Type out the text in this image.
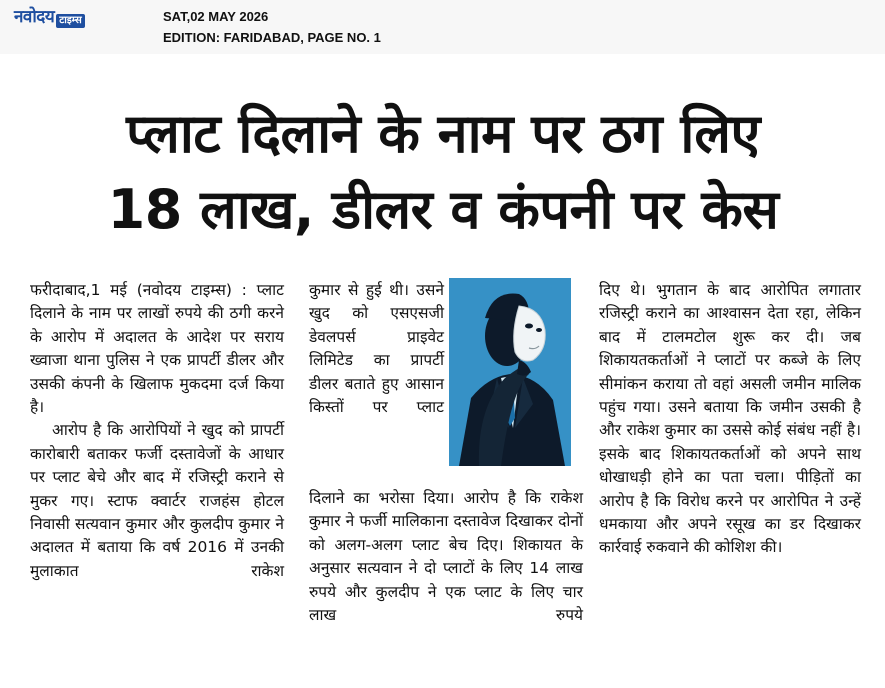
नवोदय टाइम्स	SAT,02 MAY 2026
EDITION: FARIDABAD, PAGE NO. 1
प्लाट दिलाने के नाम पर ठग लिए
18 लाख, डीलर व कंपनी पर केस
फरीदाबाद,1 मई (नवोदय टाइम्स) : प्लाट दिलाने के नाम पर लाखों रुपये की ठगी करने के आरोप में अदालत के आदेश पर सराय ख्वाजा थाना पुलिस ने एक प्रापर्टी डीलर और उसकी कंपनी के खिलाफ मुकदमा दर्ज किया है।
आरोप है कि आरोपियों ने खुद को प्रापर्टी कारोबारी बताकर फर्जी दस्तावेजों के आधार पर प्लाट बेचे और बाद में रजिस्ट्री कराने से मुकर गए। स्टाफ क्वार्टर राजहंस होटल निवासी सत्यवान कुमार और कुलदीप कुमार ने अदालत में बताया कि वर्ष 2016 में उनकी मुलाकात राकेश
कुमार से हुई थी। उसने खुद को एसएसजी डेवलपर्स प्राइवेट लिमिटेड का प्रापर्टी डीलर बताते हुए आसान किस्तों पर प्लाट
दिलाने का भरोसा दिया। आरोप है कि राकेश कुमार ने फर्जी मालिकाना दस्तावेज दिखाकर दोनों को अलग-अलग प्लाट बेच दिए। शिकायत के अनुसार सत्यवान ने दो प्लाटों के लिए 14 लाख रुपये और कुलदीप ने एक प्लाट के लिए चार लाख रुपये
दिए थे। भुगतान के बाद आरोपित लगातार रजिस्ट्री कराने का आश्वासन देता रहा, लेकिन बाद में टालमटोल शुरू कर दी। जब शिकायतकर्ताओं ने प्लाटों पर कब्जे के लिए सीमांकन कराया तो वहां असली जमीन मालिक पहुंच गया। उसने बताया कि जमीन उसकी है और राकेश कुमार का उससे कोई संबंध नहीं है। इसके बाद शिकायतकर्ताओं को अपने साथ धोखाधड़ी होने का पता चला। पीड़ितों का आरोप है कि विरोध करने पर आरोपित ने उन्हें धमकाया और अपने रसूख का डर दिखाकर कार्रवाई रुकवाने की कोशिश की।
